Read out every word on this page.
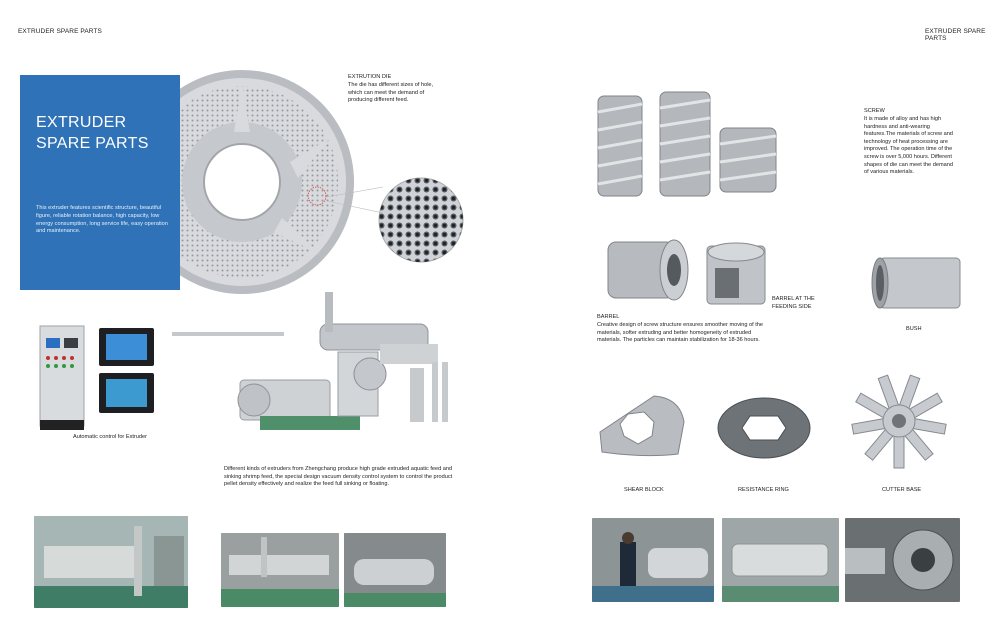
EXTRUDER SPARE PARTS
EXTRUDER
SPARE PARTS
This extruder features scientific structure, beautiful figure, reliable rotation balance, high capacity, low energy consumption, long service life, easy operation and maintenance.
EXTRUTION DIE
The die has different sizes of hole, which can meet the demand of producing different feed.
Automatic control for Extruder
Different kinds of extruders from Zhengchang produce high grade extruded aquatic feed and sinking shrimp feed, the special design vacuum density control system to control the product pellet density effectively and realize the feed full sinking or floating.
EXTRUDER SPARE PARTS
SCREW
It is made of alloy and has high hardness and anti-wearing features.The materials of screw and technology of heat processing are improved. The operation time of the screw is over 5,000 hours. Different shapes of die can meet the demand of various materials.
BARREL AT THE
FEEDING SIDE
BARREL
Creative design of screw structure ensures smoother moving of the materials, softer extruding and better homogeneity of extruded materials. The particles can maintain stabilization for 18-36 hours.
BUSH
SHEAR BLOCK	RESISTANCE RING	CUTTER BASE
